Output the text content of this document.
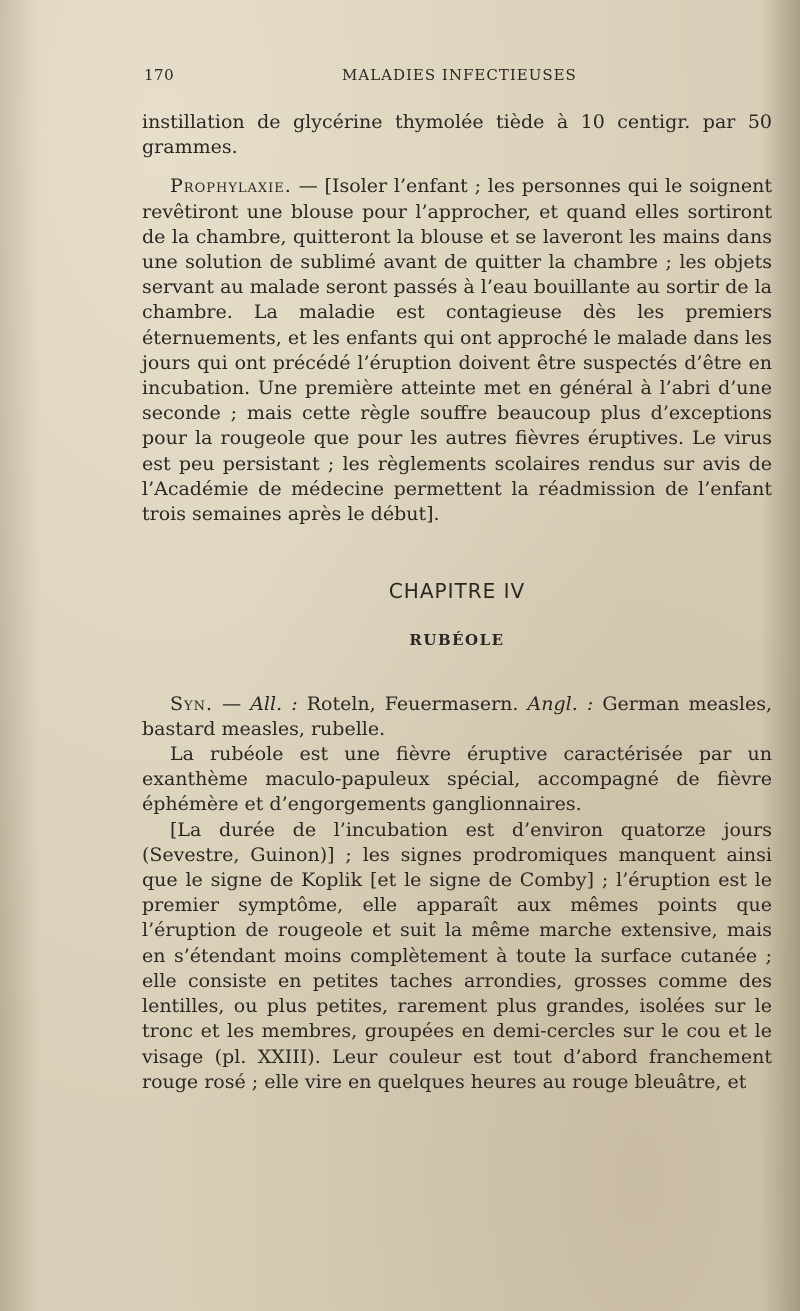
170	MALADIES INFECTIEUSES

instillation de glycérine thymolée tiède à 10 centigr. par 50 grammes.

Prophylaxie. — [Isoler l’enfant ; les personnes qui le soignent revêtiront une blouse pour l’approcher, et quand elles sortiront de la chambre, quitteront la blouse et se laveront les mains dans une solution de sublimé avant de quitter la chambre ; les objets servant au malade seront passés à l’eau bouillante au sortir de la chambre. La maladie est contagieuse dès les premiers éternuements, et les enfants qui ont approché le malade dans les jours qui ont précédé l’éruption doivent être suspectés d’être en incubation. Une première atteinte met en général à l’abri d’une seconde ; mais cette règle souffre beaucoup plus d’exceptions pour la rougeole que pour les autres fièvres éruptives. Le virus est peu persistant ; les règlements scolaires rendus sur avis de l’Académie de médecine permettent la réadmission de l’enfant trois semaines après le début].

CHAPITRE IV
RUBÉOLE

Syn. — All. : Roteln, Feuermasern. Angl. : German measles, bastard measles, rubelle.

La rubéole est une fièvre éruptive caractérisée par un exanthème maculo-papuleux spécial, accompagné de fièvre éphémère et d’engorgements ganglionnaires.

[La durée de l’incubation est d’environ quatorze jours (Sevestre, Guinon)] ; les signes prodromiques manquent ainsi que le signe de Koplik [et le signe de Comby] ; l’éruption est le premier symptôme, elle apparaît aux mêmes points que l’éruption de rougeole et suit la même marche extensive, mais en s’étendant moins complètement à toute la surface cutanée ; elle consiste en petites taches arrondies, grosses comme des lentilles, ou plus petites, rarement plus grandes, isolées sur le tronc et les membres, groupées en demi-cercles sur le cou et le visage (pl. XXIII). Leur couleur est tout d’abord franchement rouge rosé ; elle vire en quelques heures au rouge bleuâtre, et
